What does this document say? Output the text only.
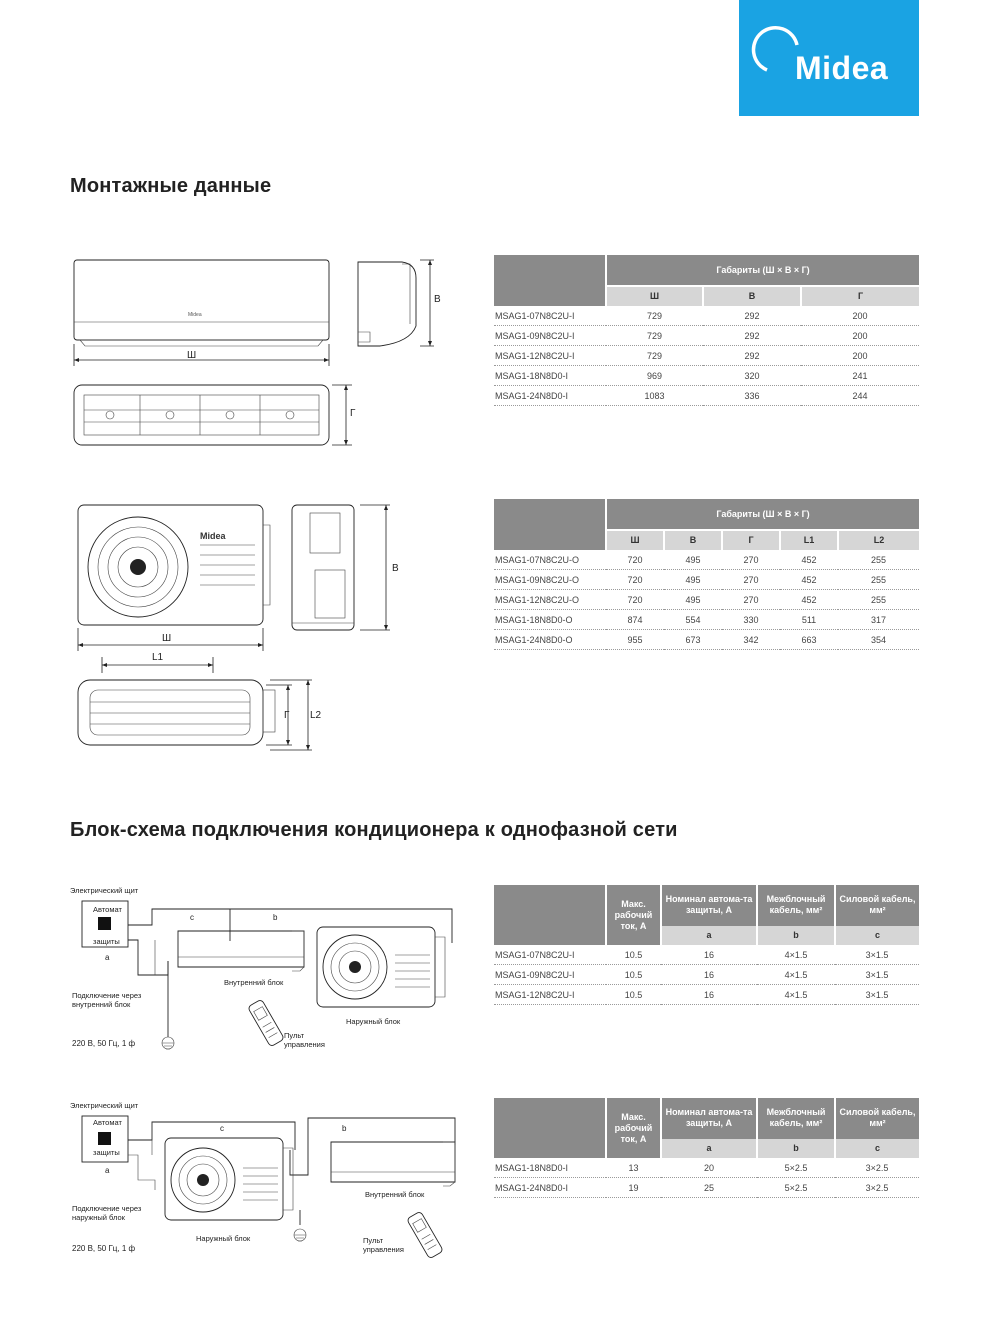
Midea
Монтажные данные
Midea
Ш
В
Г
	Габариты (Ш × В × Г)		
	Ш	В	Г
MSAG1-07N8C2U-I	729	292	200
MSAG1-09N8C2U-I	729	292	200
MSAG1-12N8C2U-I	729	292	200
MSAG1-18N8D0-I	969	320	241
MSAG1-24N8D0-I	1083	336	244
Midea
Ш
В
L1
Г L2
	Габариты (Ш × В × Г)				
	Ш	В	Г	L1	L2
MSAG1-07N8C2U-O	720	495	270	452	255
MSAG1-09N8C2U-O	720	495	270	452	255
MSAG1-12N8C2U-O	720	495	270	452	255
MSAG1-18N8D0-O	874	554	330	511	317
MSAG1-24N8D0-O	955	673	342	663	354
Блок-схема подключения кондиционера к однофазной сети
Электрический щит
Автомат
защиты
a
c	b
Внутренний блок
Наружный блок
Подключение через
внутренний блок
Пульт
управления
220 В, 50 Гц, 1 ф
	Макс. рабочий ток, А	Номинал автома-та защиты, А	Межблочный кабель, мм²	Силовой кабель, мм²
		a	b	c
MSAG1-07N8C2U-I	10.5	16	4×1.5	3×1.5
MSAG1-09N8C2U-I	10.5	16	4×1.5	3×1.5
MSAG1-12N8C2U-I	10.5	16	4×1.5	3×1.5
Электрический щит
Автомат
защиты
a
c	b
Внутренний блок
Наружный блок
Подключение через
наружный блок
Пульт
управления
220 В, 50 Гц, 1 ф
	Макс. рабочий ток, А	Номинал автома-та защиты, А	Межблочный кабель, мм²	Силовой кабель, мм²
		a	b	c
MSAG1-18N8D0-I	13	20	5×2.5	3×2.5
MSAG1-24N8D0-I	19	25	5×2.5	3×2.5
